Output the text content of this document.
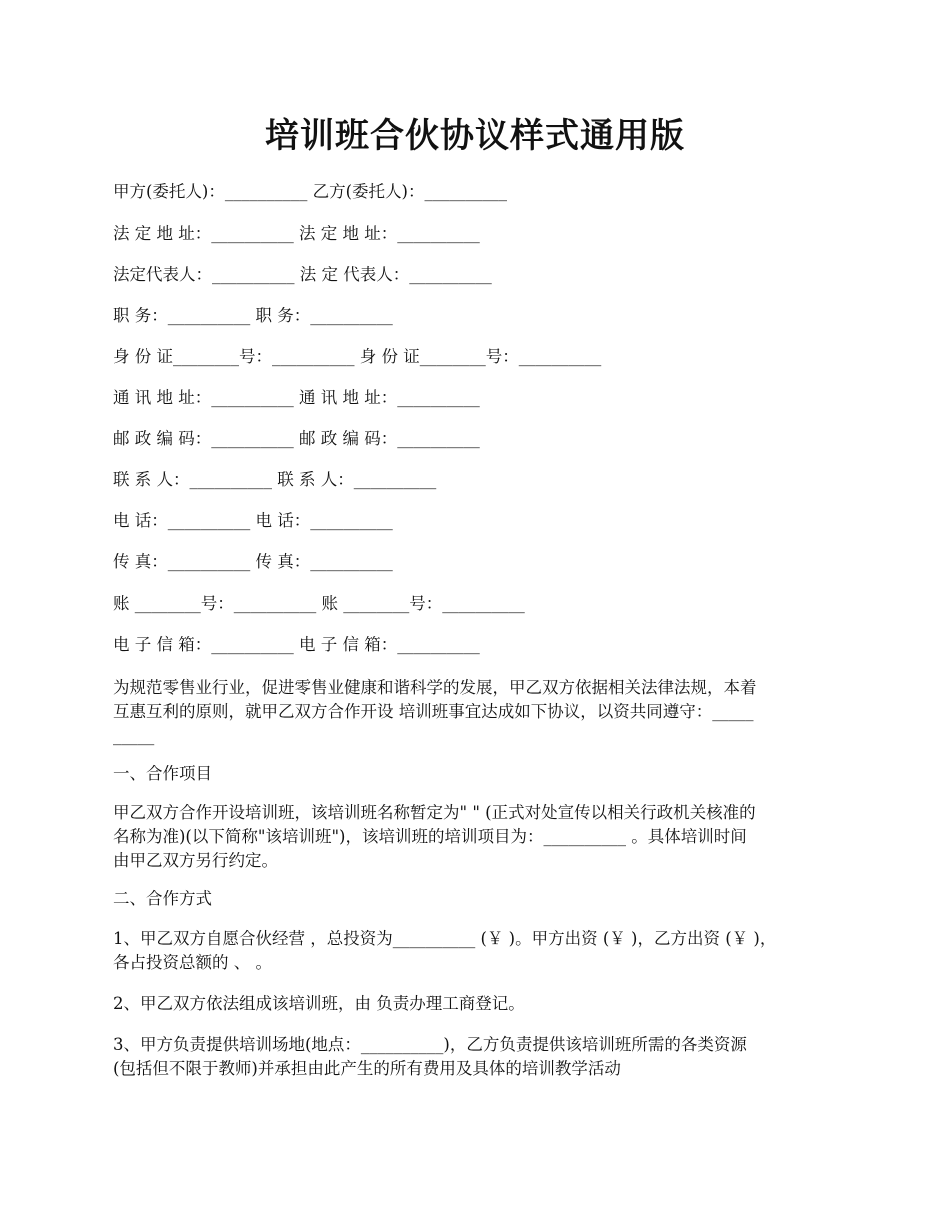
培训班合伙协议样式通用版
甲方(委托人)：__________ 乙方(委托人)：__________
法 定 地 址：__________ 法 定 地 址：__________
法定代表人：__________ 法 定 代表人：__________
职 务：__________ 职 务：__________
身 份 证________号：__________ 身 份 证________号：__________
通 讯 地 址：__________ 通 讯 地 址：__________
邮 政 编 码：__________ 邮 政 编 码：__________
联 系 人：__________ 联 系 人：__________
电 话：__________ 电 话：__________
传 真：__________ 传 真：__________
账 ________号：__________ 账 ________号：__________
电 子 信 箱：__________ 电 子 信 箱：__________
为规范零售业行业，促进零售业健康和谐科学的发展，甲乙双方依据相关法律法规，本着
互惠互利的原则，就甲乙双方合作开设 培训班事宜达成如下协议，以资共同遵守：_____
_____
一、合作项目
甲乙双方合作开设培训班，该培训班名称暂定为" " (正式对处宣传以相关行政机关核准的
名称为准)(以下简称"该培训班")，该培训班的培训项目为：__________ 。具体培训时间
由甲乙双方另行约定。
二、合作方式
1、甲乙双方自愿合伙经营 ，总投资为__________ (￥ )。甲方出资 (￥ )，乙方出资 (￥ )，
各占投资总额的 、 。
2、甲乙双方依法组成该培训班，由 负责办理工商登记。
3、甲方负责提供培训场地(地点：__________)，乙方负责提供该培训班所需的各类资源
(包括但不限于教师)并承担由此产生的所有费用及具体的培训教学活动
